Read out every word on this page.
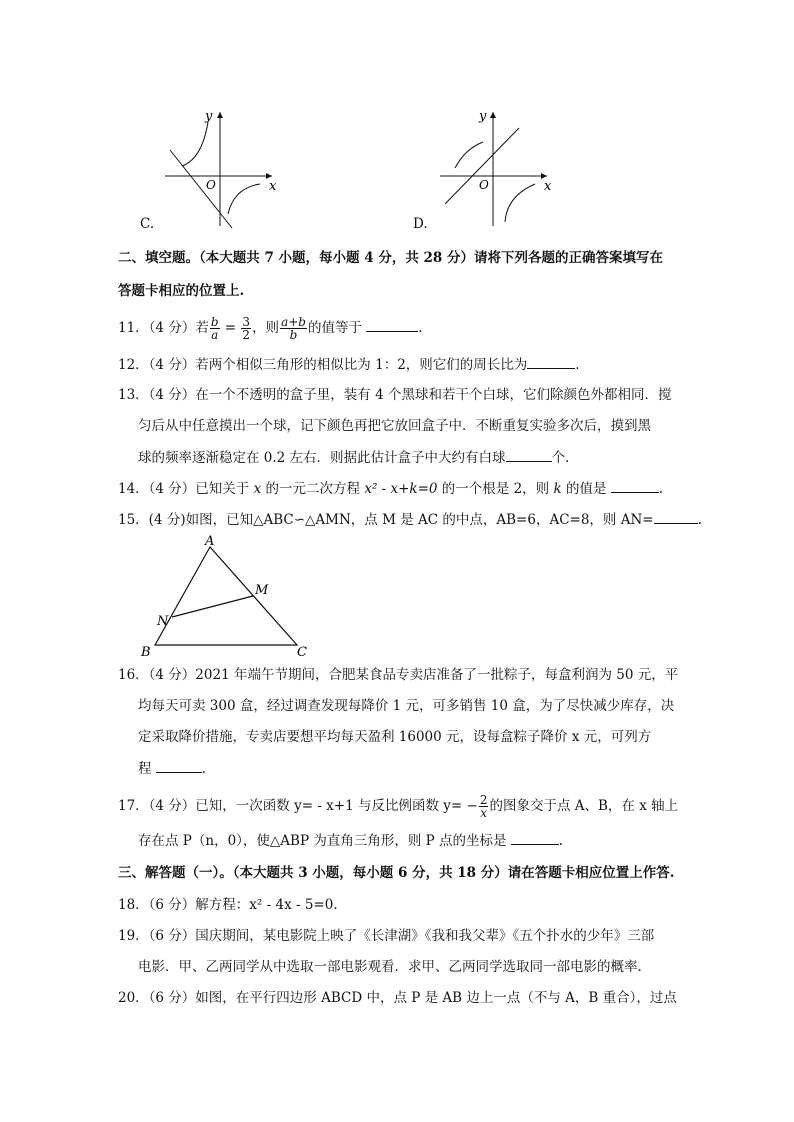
y
x
O
C.
y
x
O
D.
二、填空题。（本大题共 7 小题，每小题 4 分，共 28 分）请将下列各题的正确答案填写在
答题卡相应的位置上.
11．（4 分）若 $\frac{b}{a} = \frac{3}{2}$ ，则 $\frac{a+b}{b}$ 的值等于	.
12．（4 分）若两个相似三角形的相似比为 1：2，则它们的周长比为	.
13．（4 分）在一个不透明的盒子里，装有 4 个黑球和若干个白球，它们除颜色外都相同．搅
匀后从中任意摸出一个球，记下颜色再把它放回盒子中．不断重复实验多次后，摸到黑
球的频率逐渐稳定在 0.2 左右．则据此估计盒子中大约有白球	个.
14．（4 分）已知关于 x 的一元二次方程 x² - x+k=0 的一个根是 2，则 k 的值是	.
15．(4 分)如图，已知△ABC∽△AMN，点 M 是 AC 的中点，AB=6，AC=8，则 AN=	.
A
B	C
M
N
16．（4 分）2021 年端午节期间，合肥某食品专卖店准备了一批粽子，每盒利润为 50 元，平
均每天可卖 300 盒，经过调查发现每降价 1 元，可多销售 10 盒，为了尽快减少库存，决
定采取降价措施，专卖店要想平均每天盈利 16000 元，设每盒粽子降价 x 元，可列方
程	.
17．（4 分）已知，一次函数 y= - x+1 与反比例函数 $y= - \frac{2}{x}$ 的图象交于点 A、B，在 x 轴上
存在点 P（n，0），使△ABP 为直角三角形，则 P 点的坐标是	.
三、解答题（一）。（本大题共 3 小题，每小题 6 分，共 18 分）请在答题卡相应位置上作答.
18．（6 分）解方程：x² - 4x - 5=0.
19．（6 分）国庆期间，某电影院上映了《长津湖》《我和我父辈》《五个扑水的少年》三部
电影．甲、乙两同学从中选取一部电影观看．求甲、乙两同学选取同一部电影的概率.
20．（6 分）如图，在平行四边形 ABCD 中，点 P 是 AB 边上一点（不与 A，B 重合），过点
